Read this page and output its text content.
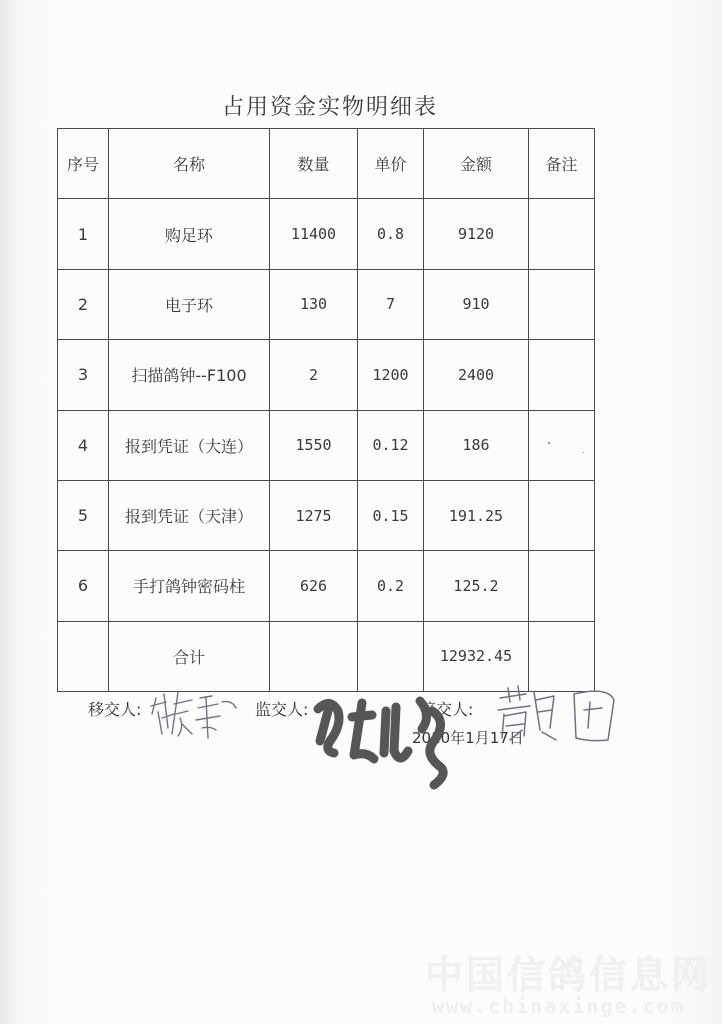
占用资金实物明细表
序号	名称	数量	单价	金额	备注
1	购足环	11400	0.8	9120	
2	电子环	130	7	910	
3	扫描鸽钟--F100	2	1200	2400	
4	报到凭证（大连）	1550	0.12	186	
5	报到凭证（天津）	1275	0.15	191.25	
6	手打鸽钟密码柱	626	0.2	125.2	
	合计			12932.45	
移交人:	监交人:	接交人:
2010年1月17日
中国信鸽信息网
www.chinaxinge.com
